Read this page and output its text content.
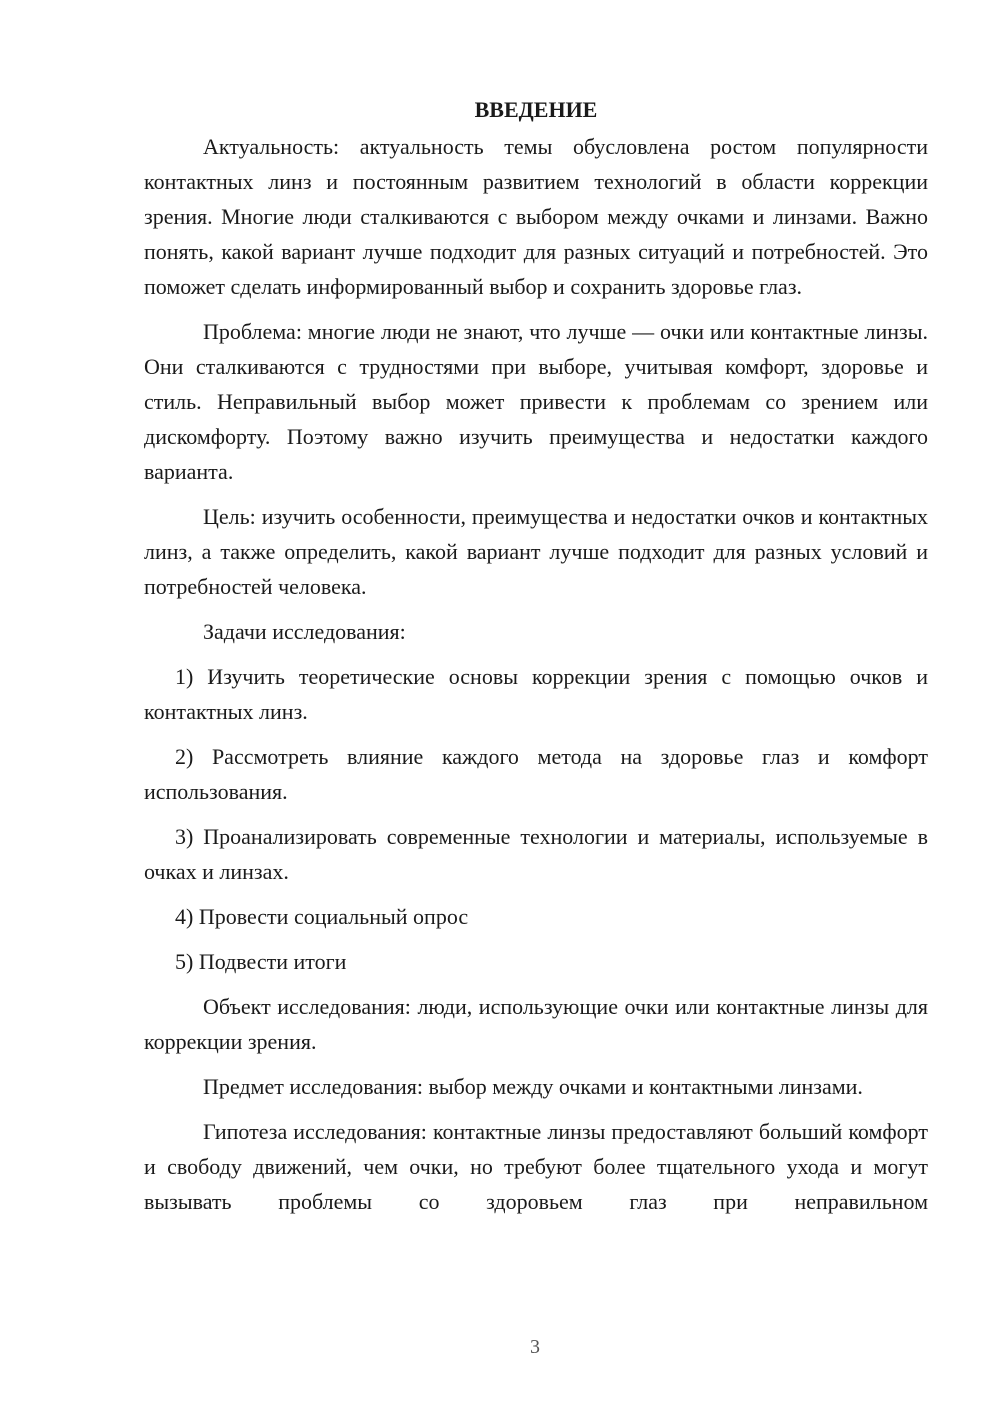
ВВЕДЕНИЕ

Актуальность: актуальность темы обусловлена ростом популярности контактных линз и постоянным развитием технологий в области коррекции зрения. Многие люди сталкиваются с выбором между очками и линзами. Важно понять, какой вариант лучше подходит для разных ситуаций и потребностей. Это поможет сделать информированный выбор и сохранить здоровье глаз.

Проблема: многие люди не знают, что лучше — очки или контактные линзы. Они сталкиваются с трудностями при выборе, учитывая комфорт, здоровье и стиль. Неправильный выбор может привести к проблемам со зрением или дискомфорту. Поэтому важно изучить преимущества и недостатки каждого варианта.

Цель: изучить особенности, преимущества и недостатки очков и контактных линз, а также определить, какой вариант лучше подходит для разных условий и потребностей человека.

Задачи исследования:

1) Изучить теоретические основы коррекции зрения с помощью очков и контактных линз.

2) Рассмотреть влияние каждого метода на здоровье глаз и комфорт использования.

3) Проанализировать современные технологии и материалы, используемые в очках и линзах.

4) Провести социальный опрос

5) Подвести итоги

Объект исследования: люди, использующие очки или контактные линзы для коррекции зрения.

Предмет исследования: выбор между очками и контактными линзами.

Гипотеза исследования: контактные линзы предоставляют больший комфорт и свободу движений, чем очки, но требуют более тщательного ухода и могут вызывать проблемы со здоровьем глаз при неправильном

3
